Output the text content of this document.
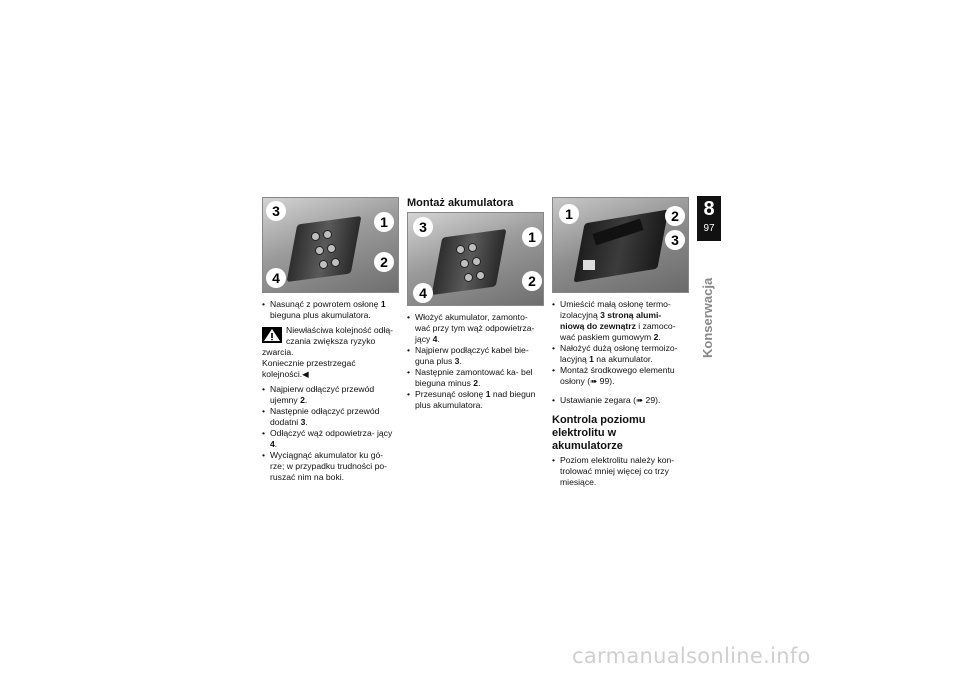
3
1
2
4
• Nasunąć z powrotem osłonę 1 bieguna plus akumulatora.
Niewłaściwa kolejność odłą-
czania zwiększa ryzyko
zwarcia.
Koniecznie przestrzegać
kolejności.◀
• Najpierw odłączyć przewód ujemny 2.
• Następnie odłączyć przewód dodatni 3.
• Odłączyć wąż odpowietrza- jący 4.
• Wyciągnąć akumulator ku gó- rze; w przypadku trudności po- ruszać nim na boki.
Montaż akumulatora
3
1
2
4
• Włożyć akumulator, zamonto- wać przy tym wąż odpowietrza- jący 4.
• Najpierw podłączyć kabel bie- guna plus 3.
• Następnie zamontować ka- bel bieguna minus 2.
• Przesunąć osłonę 1 nad biegun plus akumulatora.
1	2
3
• Umieścić małą osłonę termo- izolacyjną 3 stroną alumi- niową do zewnątrz i zamoco- wać paskiem gumowym 2.
• Nałożyć dużą osłonę termoizo- lacyjną 1 na akumulator.
• Montaż środkowego elementu osłony (➠ 99).
• Ustawianie zegara (➠ 29).
Kontrola poziomu
elektrolitu w akumulatorze
• Poziom elektrolitu należy kon- trolować mniej więcej co trzy miesiące.
8
97
Konserwacja
carmanualsonline.info
